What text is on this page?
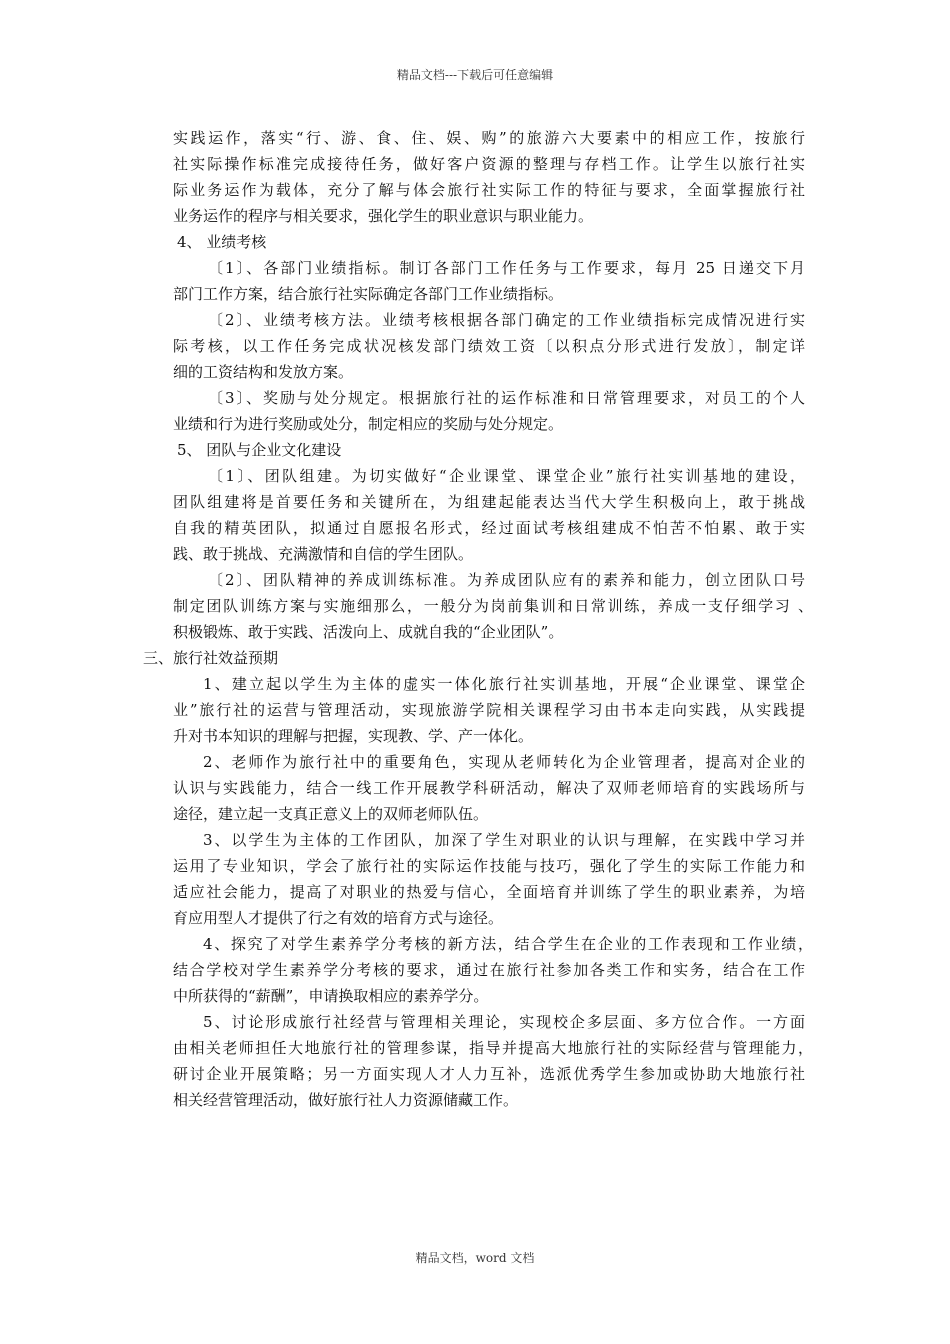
精品文档---下载后可任意编辑
实践运作，落实“行、游、食、住、娱、购”的旅游六大要素中的相应工作，按旅行
社实际操作标准完成接待任务，做好客户资源的整理与存档工作。让学生以旅行社实
际业务运作为载体，充分了解与体会旅行社实际工作的特征与要求，全面掌握旅行社
业务运作的程序与相关要求，强化学生的职业意识与职业能力。
4、 业绩考核
〔1〕、各部门业绩指标。制订各部门工作任务与工作要求，每月 25 日递交下月
部门工作方案，结合旅行社实际确定各部门工作业绩指标。
〔2〕、业绩考核方法。业绩考核根据各部门确定的工作业绩指标完成情况进行实
际考核，以工作任务完成状况核发部门绩效工资〔以积点分形式进行发放〕，制定详
细的工资结构和发放方案。
〔3〕、奖励与处分规定。根据旅行社的运作标准和日常管理要求，对员工的个人
业绩和行为进行奖励或处分，制定相应的奖励与处分规定。
5、 团队与企业文化建设
〔1〕、团队组建。为切实做好“企业课堂、课堂企业”旅行社实训基地的建设，
团队组建将是首要任务和关键所在，为组建起能表达当代大学生积极向上，敢于挑战
自我的精英团队，拟通过自愿报名形式，经过面试考核组建成不怕苦不怕累、敢于实
践、敢于挑战、充满激情和自信的学生团队。
〔2〕、团队精神的养成训练标准。为养成团队应有的素养和能力，创立团队口号
制定团队训练方案与实施细那么，一般分为岗前集训和日常训练，养成一支仔细学习 、
积极锻炼、敢于实践、活泼向上、成就自我的“企业团队”。
三、旅行社效益预期
1、建立起以学生为主体的虚实一体化旅行社实训基地，开展“企业课堂、课堂企
业”旅行社的运营与管理活动，实现旅游学院相关课程学习由书本走向实践，从实践提
升对书本知识的理解与把握，实现教、学、产一体化。
2、老师作为旅行社中的重要角色，实现从老师转化为企业管理者，提高对企业的
认识与实践能力，结合一线工作开展教学科研活动，解决了双师老师培育的实践场所与
途径，建立起一支真正意义上的双师老师队伍。
3、以学生为主体的工作团队，加深了学生对职业的认识与理解，在实践中学习并
运用了专业知识，学会了旅行社的实际运作技能与技巧，强化了学生的实际工作能力和
适应社会能力，提高了对职业的热爱与信心，全面培育并训练了学生的职业素养，为培
育应用型人才提供了行之有效的培育方式与途径。
4、探究了对学生素养学分考核的新方法，结合学生在企业的工作表现和工作业绩，
结合学校对学生素养学分考核的要求，通过在旅行社参加各类工作和实务，结合在工作
中所获得的“薪酬”，申请换取相应的素养学分。
5、讨论形成旅行社经营与管理相关理论，实现校企多层面、多方位合作。一方面
由相关老师担任大地旅行社的管理参谋，指导并提高大地旅行社的实际经营与管理能力，
研讨企业开展策略；另一方面实现人才人力互补，选派优秀学生参加或协助大地旅行社
相关经营管理活动，做好旅行社人力资源储藏工作。
精品文档，word 文档
